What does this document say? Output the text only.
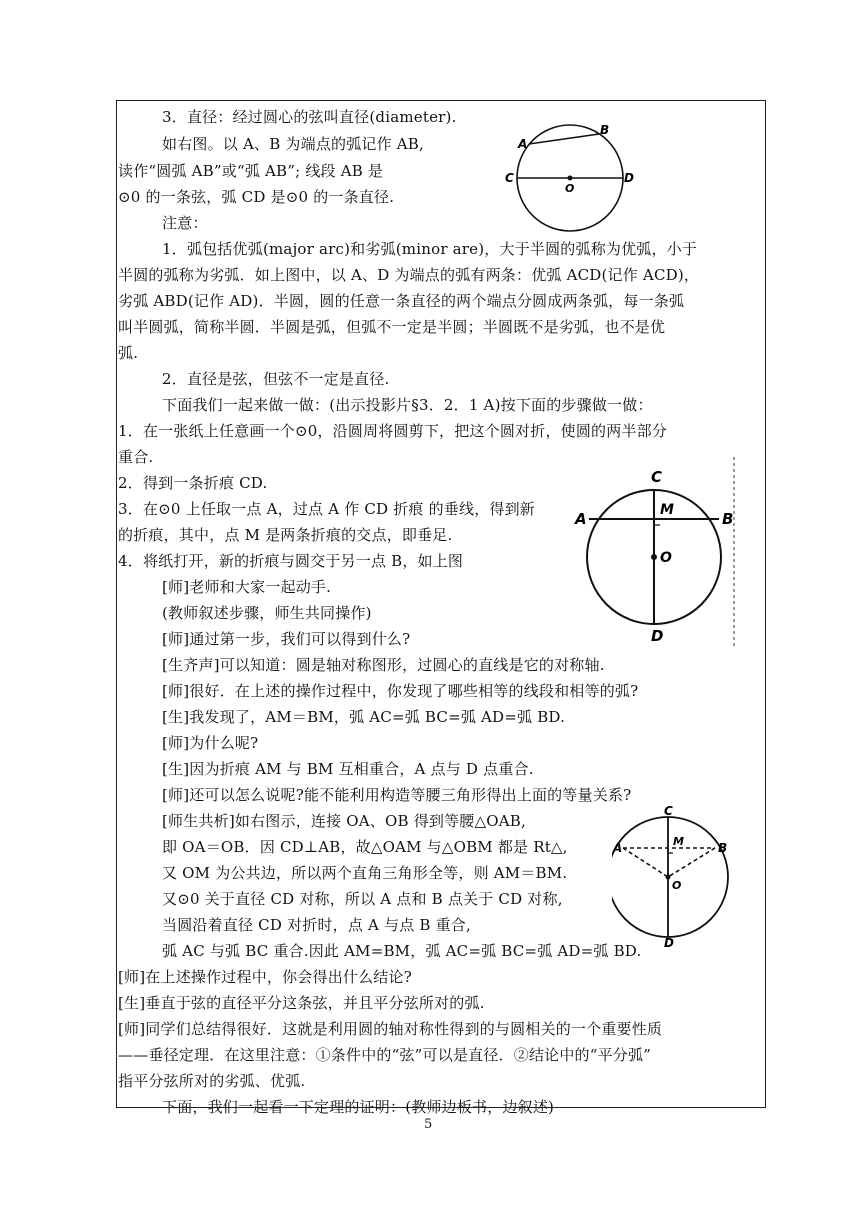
3．直径：经过圆心的弦叫直径(diameter).
如右图。以 A、B 为端点的弧记作 AB,
读作“圆弧 AB”或“弧 AB”; 线段 AB 是
⊙0 的一条弦，弧 CD 是⊙0 的一条直径.
注意：
1．弧包括优弧(major arc)和劣弧(minor are)，大于半圆的弧称为优弧，小于
半圆的弧称为劣弧．如上图中，以 A、D 为端点的弧有两条：优弧 ACD(记作 ACD)，
劣弧 ABD(记作 AD)．半圆，圆的任意一条直径的两个端点分圆成两条弧，每一条弧
叫半圆弧，简称半圆．半圆是弧，但弧不一定是半圆；半圆既不是劣弧，也不是优
弧.
2．直径是弦，但弦不一定是直径.
下面我们一起来做一做：(出示投影片§3．2．1 A)按下面的步骤做一做：
1．在一张纸上任意画一个⊙0，沿圆周将圆剪下，把这个圆对折，使圆的两半部分
重合.
2．得到一条折痕 CD.
3．在⊙0 上任取一点 A，过点 A 作 CD 折痕 的垂线，得到新
的折痕，其中，点 M 是两条折痕的交点，即垂足.
4．将纸打开，新的折痕与圆交于另一点 B，如上图
[师]老师和大家一起动手.
(教师叙述步骤，师生共同操作)
[师]通过第一步，我们可以得到什么?
[生齐声]可以知道：圆是轴对称图形，过圆心的直线是它的对称轴.
[师]很好．在上述的操作过程中，你发现了哪些相等的线段和相等的弧?
[生]我发现了，AM＝BM，弧 AC=弧 BC=弧 AD=弧 BD.
[师]为什么呢?
[生]因为折痕 AM 与 BM 互相重合，A 点与 D 点重合.
[师]还可以怎么说呢?能不能利用构造等腰三角形得出上面的等量关系?
[师生共析]如右图示，连接 OA、OB 得到等腰△OAB,
即 OA＝OB．因 CD⊥AB，故△OAM 与△OBM 都是 Rt△,
又 OM 为公共边，所以两个直角三角形全等，则 AM＝BM.
又⊙0 关于直径 CD 对称，所以 A 点和 B 点关于 CD 对称,
当圆沿着直径 CD 对折时，点 A 与点 B 重合,
弧 AC 与弧 BC 重合.因此 AM=BM，弧 AC=弧 BC=弧 AD=弧 BD.
[师]在上述操作过程中，你会得出什么结论?
[生]垂直于弦的直径平分这条弦，并且平分弦所对的弧.
[师]同学们总结得很好．这就是利用圆的轴对称性得到的与圆相关的一个重要性质
——垂径定理．在这里注意：①条件中的“弦”可以是直径．②结论中的“平分弧”
指平分弦所对的劣弧、优弧.
下面，我们一起看一下定理的证明：(教师边板书，边叙述)
A
B
C	D
O
C
D
A	B
M
O
C
D
A	B
M
O
5
